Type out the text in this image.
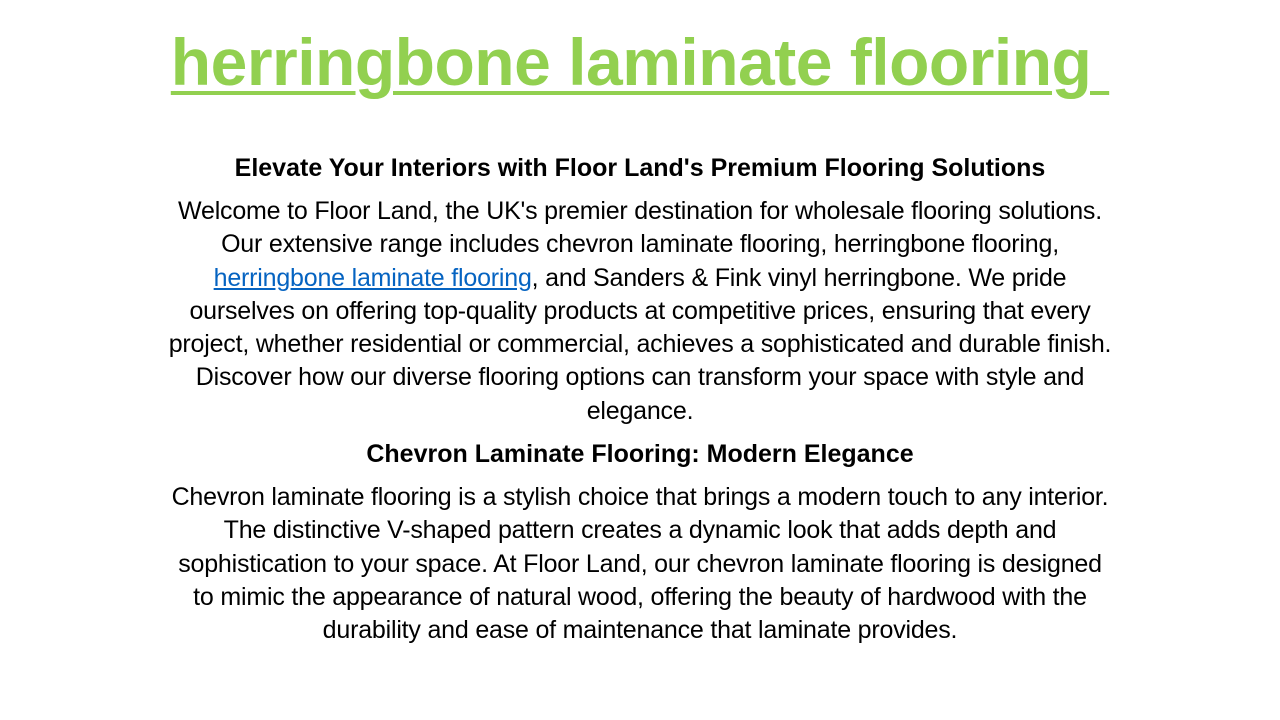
herringbone laminate flooring

Elevate Your Interiors with Floor Land's Premium Flooring Solutions

Welcome to Floor Land, the UK's premier destination for wholesale flooring solutions. Our extensive range includes chevron laminate flooring, herringbone flooring, herringbone laminate flooring, and Sanders & Fink vinyl herringbone. We pride ourselves on offering top-quality products at competitive prices, ensuring that every project, whether residential or commercial, achieves a sophisticated and durable finish. Discover how our diverse flooring options can transform your space with style and elegance.

Chevron Laminate Flooring: Modern Elegance

Chevron laminate flooring is a stylish choice that brings a modern touch to any interior. The distinctive V-shaped pattern creates a dynamic look that adds depth and sophistication to your space. At Floor Land, our chevron laminate flooring is designed to mimic the appearance of natural wood, offering the beauty of hardwood with the durability and ease of maintenance that laminate provides.
